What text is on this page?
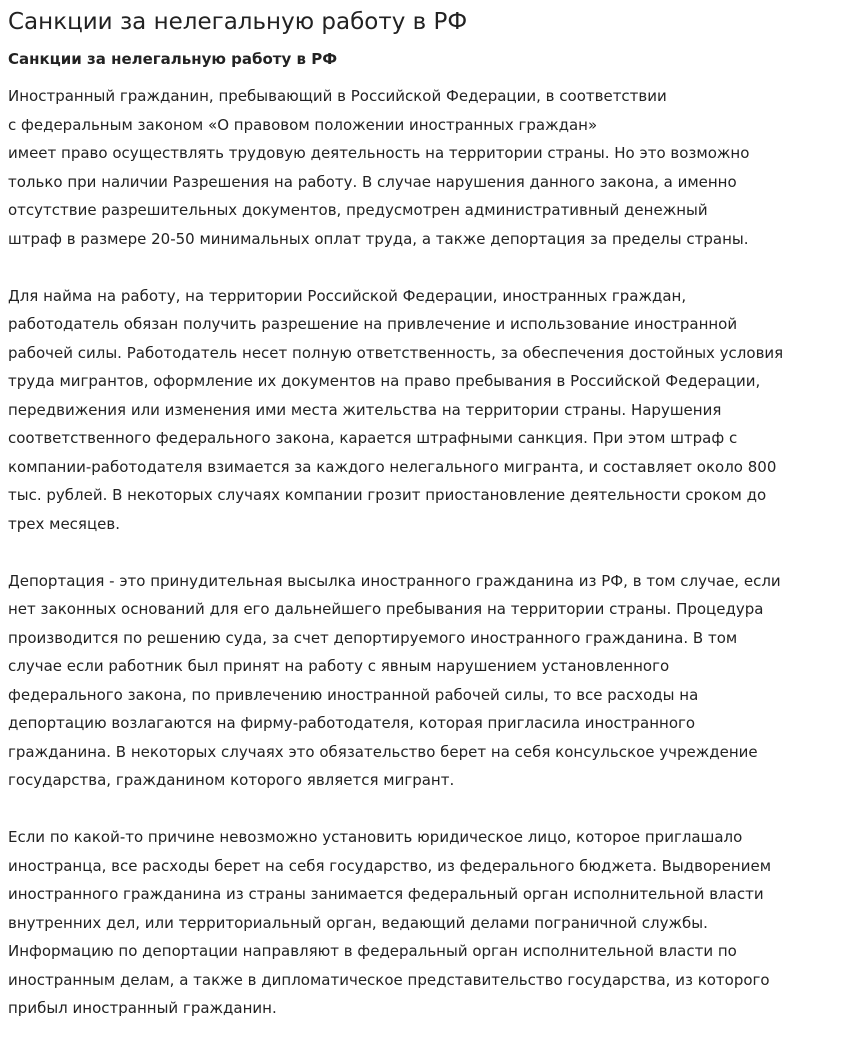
Санкции за нелегальную работу в РФ
Санкции за нелегальную работу в РФ
Иностранный гражданин, пребывающий в Российской Федерации, в соответствии
с федеральным законом «О правовом положении иностранных граждан»
имеет право осуществлять трудовую деятельность на территории страны. Но это возможно
только при наличии Разрешения на работу. В случае нарушения данного закона, а именно
отсутствие разрешительных документов, предусмотрен административный денежный
штраф в размере 20-50 минимальных оплат труда, а также депортация за пределы страны.
Для найма на работу, на территории Российской Федерации, иностранных граждан,
работодатель обязан получить разрешение на привлечение и использование иностранной
рабочей силы. Работодатель несет полную ответственность, за обеспечения достойных условия
труда мигрантов, оформление их документов на право пребывания в Российской Федерации,
передвижения или изменения ими места жительства на территории страны. Нарушения
соответственного федерального закона, карается штрафными санкция. При этом штраф с
компании-работодателя взимается за каждого нелегального мигранта, и составляет около 800
тыс. рублей. В некоторых случаях компании грозит приостановление деятельности сроком до
трех месяцев.
Депортация - это принудительная высылка иностранного гражданина из РФ, в том случае, если
нет законных оснований для его дальнейшего пребывания на территории страны. Процедура
производится по решению суда, за счет депортируемого иностранного гражданина. В том
случае если работник был принят на работу с явным нарушением установленного
федерального закона, по привлечению иностранной рабочей силы, то все расходы на
депортацию возлагаются на фирму-работодателя, которая пригласила иностранного
гражданина. В некоторых случаях это обязательство берет на себя консульское учреждение
государства, гражданином которого является мигрант.
Если по какой-то причине невозможно установить юридическое лицо, которое приглашало
иностранца, все расходы берет на себя государство, из федерального бюджета. Выдворением
иностранного гражданина из страны занимается федеральный орган исполнительной власти
внутренних дел, или территориальный орган, ведающий делами пограничной службы.
Информацию по депортации направляют в федеральный орган исполнительной власти по
иностранным делам, а также в дипломатическое представительство государства, из которого
прибыл иностранный гражданин.
